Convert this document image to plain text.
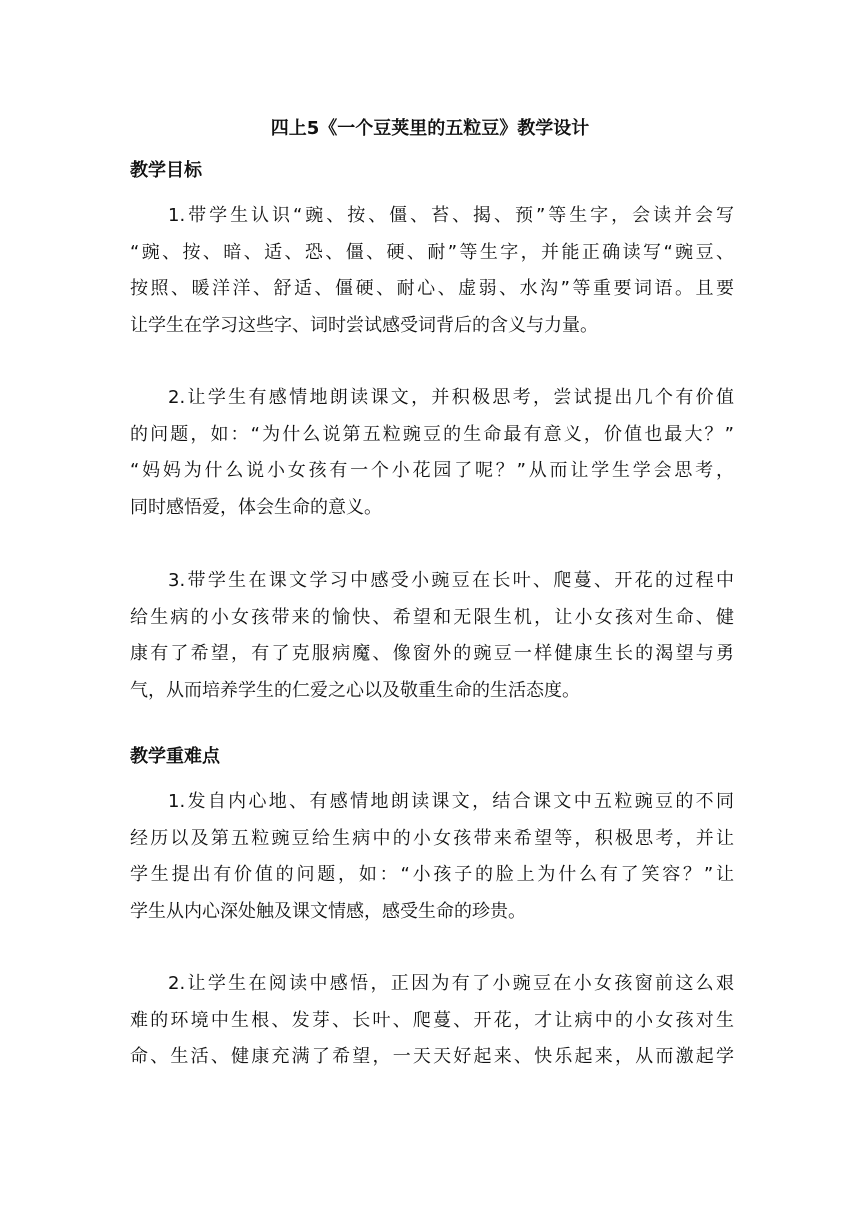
四上5《一个豆荚里的五粒豆》教学设计
教学目标
1.带学生认识“豌、按、僵、苔、揭、预”等生字，会读并会写
“豌、按、暗、适、恐、僵、硬、耐”等生字，并能正确读写“豌豆、
按照、暖洋洋、舒适、僵硬、耐心、虚弱、水沟”等重要词语。且要
让学生在学习这些字、词时尝试感受词背后的含义与力量。
2.让学生有感情地朗读课文，并积极思考，尝试提出几个有价值
的问题，如：“为什么说第五粒豌豆的生命最有意义，价值也最大？”
“妈妈为什么说小女孩有一个小花园了呢？”从而让学生学会思考，
同时感悟爱，体会生命的意义。
3.带学生在课文学习中感受小豌豆在长叶、爬蔓、开花的过程中
给生病的小女孩带来的愉快、希望和无限生机，让小女孩对生命、健
康有了希望，有了克服病魔、像窗外的豌豆一样健康生长的渴望与勇
气，从而培养学生的仁爱之心以及敬重生命的生活态度。
教学重难点
1.发自内心地、有感情地朗读课文，结合课文中五粒豌豆的不同
经历以及第五粒豌豆给生病中的小女孩带来希望等，积极思考，并让
学生提出有价值的问题，如：“小孩子的脸上为什么有了笑容？”让
学生从内心深处触及课文情感，感受生命的珍贵。
2.让学生在阅读中感悟，正因为有了小豌豆在小女孩窗前这么艰
难的环境中生根、发芽、长叶、爬蔓、开花，才让病中的小女孩对生
命、生活、健康充满了希望，一天天好起来、快乐起来，从而激起学
